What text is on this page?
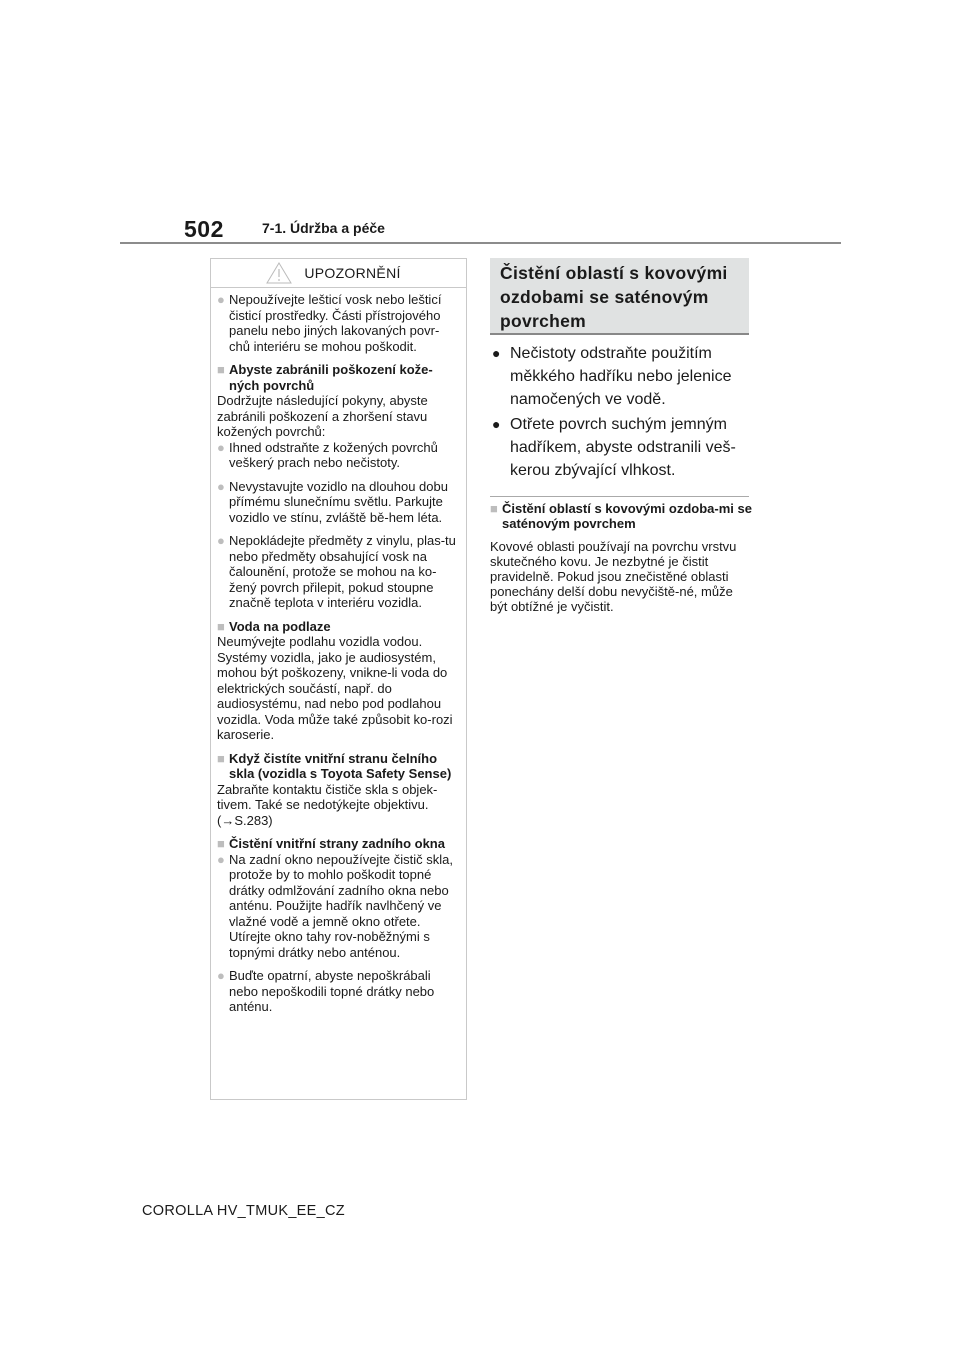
502	7-1. Údržba a péče
UPOZORNĚNÍ
● Nepoužívejte lešticí vosk nebo lešticí čisticí prostředky. Části přístrojového panelu nebo jiných lakovaných povr-chů interiéru se mohou poškodit.
■ Abyste zabránili poškození kože-ných povrchů
Dodržujte následující pokyny, abyste zabránili poškození a zhoršení stavu kožených povrchů:
● Ihned odstraňte z kožených povrchů veškerý prach nebo nečistoty.
● Nevystavujte vozidlo na dlouhou dobu přímému slunečnímu světlu. Parkujte vozidlo ve stínu, zvláště bě-hem léta.
● Nepokládejte předměty z vinylu, plas-tu nebo předměty obsahující vosk na čalounění, protože se mohou na ko-žený povrch přilepit, pokud stoupne značně teplota v interiéru vozidla.
■ Voda na podlaze
Neumývejte podlahu vozidla vodou. Systémy vozidla, jako je audiosystém, mohou být poškozeny, vnikne-li voda do elektrických součástí, např. do audiosystému, nad nebo pod podlahou vozidla. Voda může také způsobit ko-rozi karoserie.
■ Když čistíte vnitřní stranu čelního skla (vozidla s Toyota Safety Sense)
Zabraňte kontaktu čističe skla s objek-tivem. Také se nedotýkejte objektivu.
(→S.283)
■ Čistění vnitřní strany zadního okna
● Na zadní okno nepoužívejte čistič skla, protože by to mohlo poškodit topné drátky odmlžování zadního okna nebo anténu. Použijte hadřík navlhčený ve vlažné vodě a jemně okno otřete. Utírejte okno tahy rov-noběžnými s topnými drátky nebo anténou.
● Buďte opatrní, abyste nepoškrábali nebo nepoškodili topné drátky nebo anténu.
Čistění oblastí s kovovými ozdobami se saténovým povrchem
● Nečistoty odstraňte použitím měkkého hadříku nebo jelenice namočených ve vodě.
● Otřete povrch suchým jemným hadříkem, abyste odstranili veš-kerou zbývající vlhkost.
■ Čistění oblastí s kovovými ozdoba-mi se saténovým povrchem
Kovové oblasti používají na povrchu vrstvu skutečného kovu. Je nezbytné je čistit pravidelně. Pokud jsou znečistěné oblasti ponechány delší dobu nevyčiště-né, může být obtížné je vyčistit.
COROLLA HV_TMUK_EE_CZ
